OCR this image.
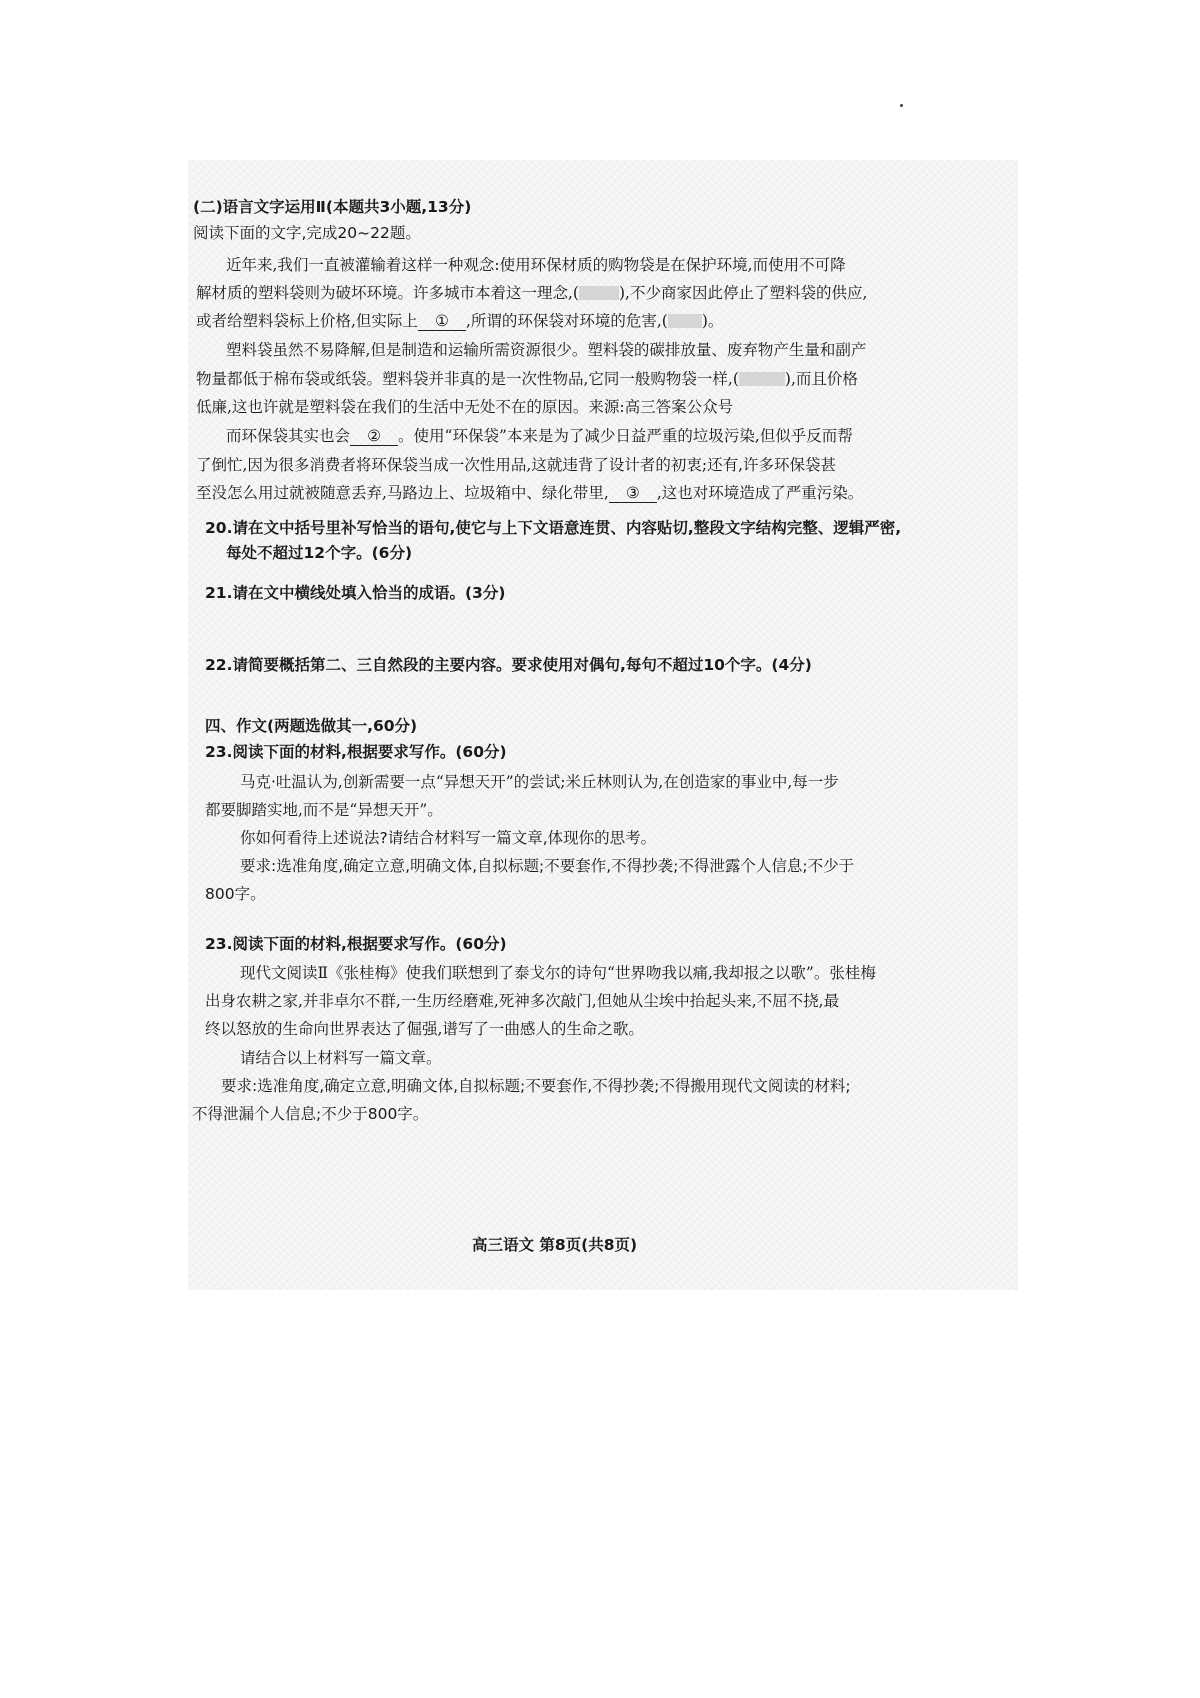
(二)语言文字运用Ⅱ(本题共3小题,13分)
阅读下面的文字,完成20~22题。
近年来,我们一直被灌输着这样一种观念:使用环保材质的购物袋是在保护环境,而使用不可降
解材质的塑料袋则为破坏环境。许多城市本着这一理念,(	),不少商家因此停止了塑料袋的供应,
或者给塑料袋标上价格,但实际上 ① ,所谓的环保袋对环境的危害,( )。
塑料袋虽然不易降解,但是制造和运输所需资源很少。塑料袋的碳排放量、废弃物产生量和副产
物量都低于棉布袋或纸袋。塑料袋并非真的是一次性物品,它同一般购物袋一样,(	),而且价格
低廉,这也许就是塑料袋在我们的生活中无处不在的原因。来源:高三答案公众号
而环保袋其实也会 ② 。使用“环保袋”本来是为了减少日益严重的垃圾污染,但似乎反而帮
了倒忙,因为很多消费者将环保袋当成一次性用品,这就违背了设计者的初衷;还有,许多环保袋甚
至没怎么用过就被随意丢弃,马路边上、垃圾箱中、绿化带里, ③ ,这也对环境造成了严重污染。
20.请在文中括号里补写恰当的语句,使它与上下文语意连贯、内容贴切,整段文字结构完整、逻辑严密,
每处不超过12个字。(6分)
21.请在文中横线处填入恰当的成语。(3分)
22.请简要概括第二、三自然段的主要内容。要求使用对偶句,每句不超过10个字。(4分)
四、作文(两题选做其一,60分)
23.阅读下面的材料,根据要求写作。(60分)
马克·吐温认为,创新需要一点“异想天开”的尝试;米丘林则认为,在创造家的事业中,每一步
都要脚踏实地,而不是“异想天开”。
你如何看待上述说法?请结合材料写一篇文章,体现你的思考。
要求:选准角度,确定立意,明确文体,自拟标题;不要套作,不得抄袭;不得泄露个人信息;不少于
800字。
23.阅读下面的材料,根据要求写作。(60分)
现代文阅读Ⅱ《张桂梅》使我们联想到了泰戈尔的诗句“世界吻我以痛,我却报之以歌”。张桂梅
出身农耕之家,并非卓尔不群,一生历经磨难,死神多次敲门,但她从尘埃中抬起头来,不屈不挠,最
终以怒放的生命向世界表达了倔强,谱写了一曲感人的生命之歌。
请结合以上材料写一篇文章。
要求:选准角度,确定立意,明确文体,自拟标题;不要套作,不得抄袭;不得搬用现代文阅读的材料;
不得泄漏个人信息;不少于800字。
高三语文 第8页(共8页)
